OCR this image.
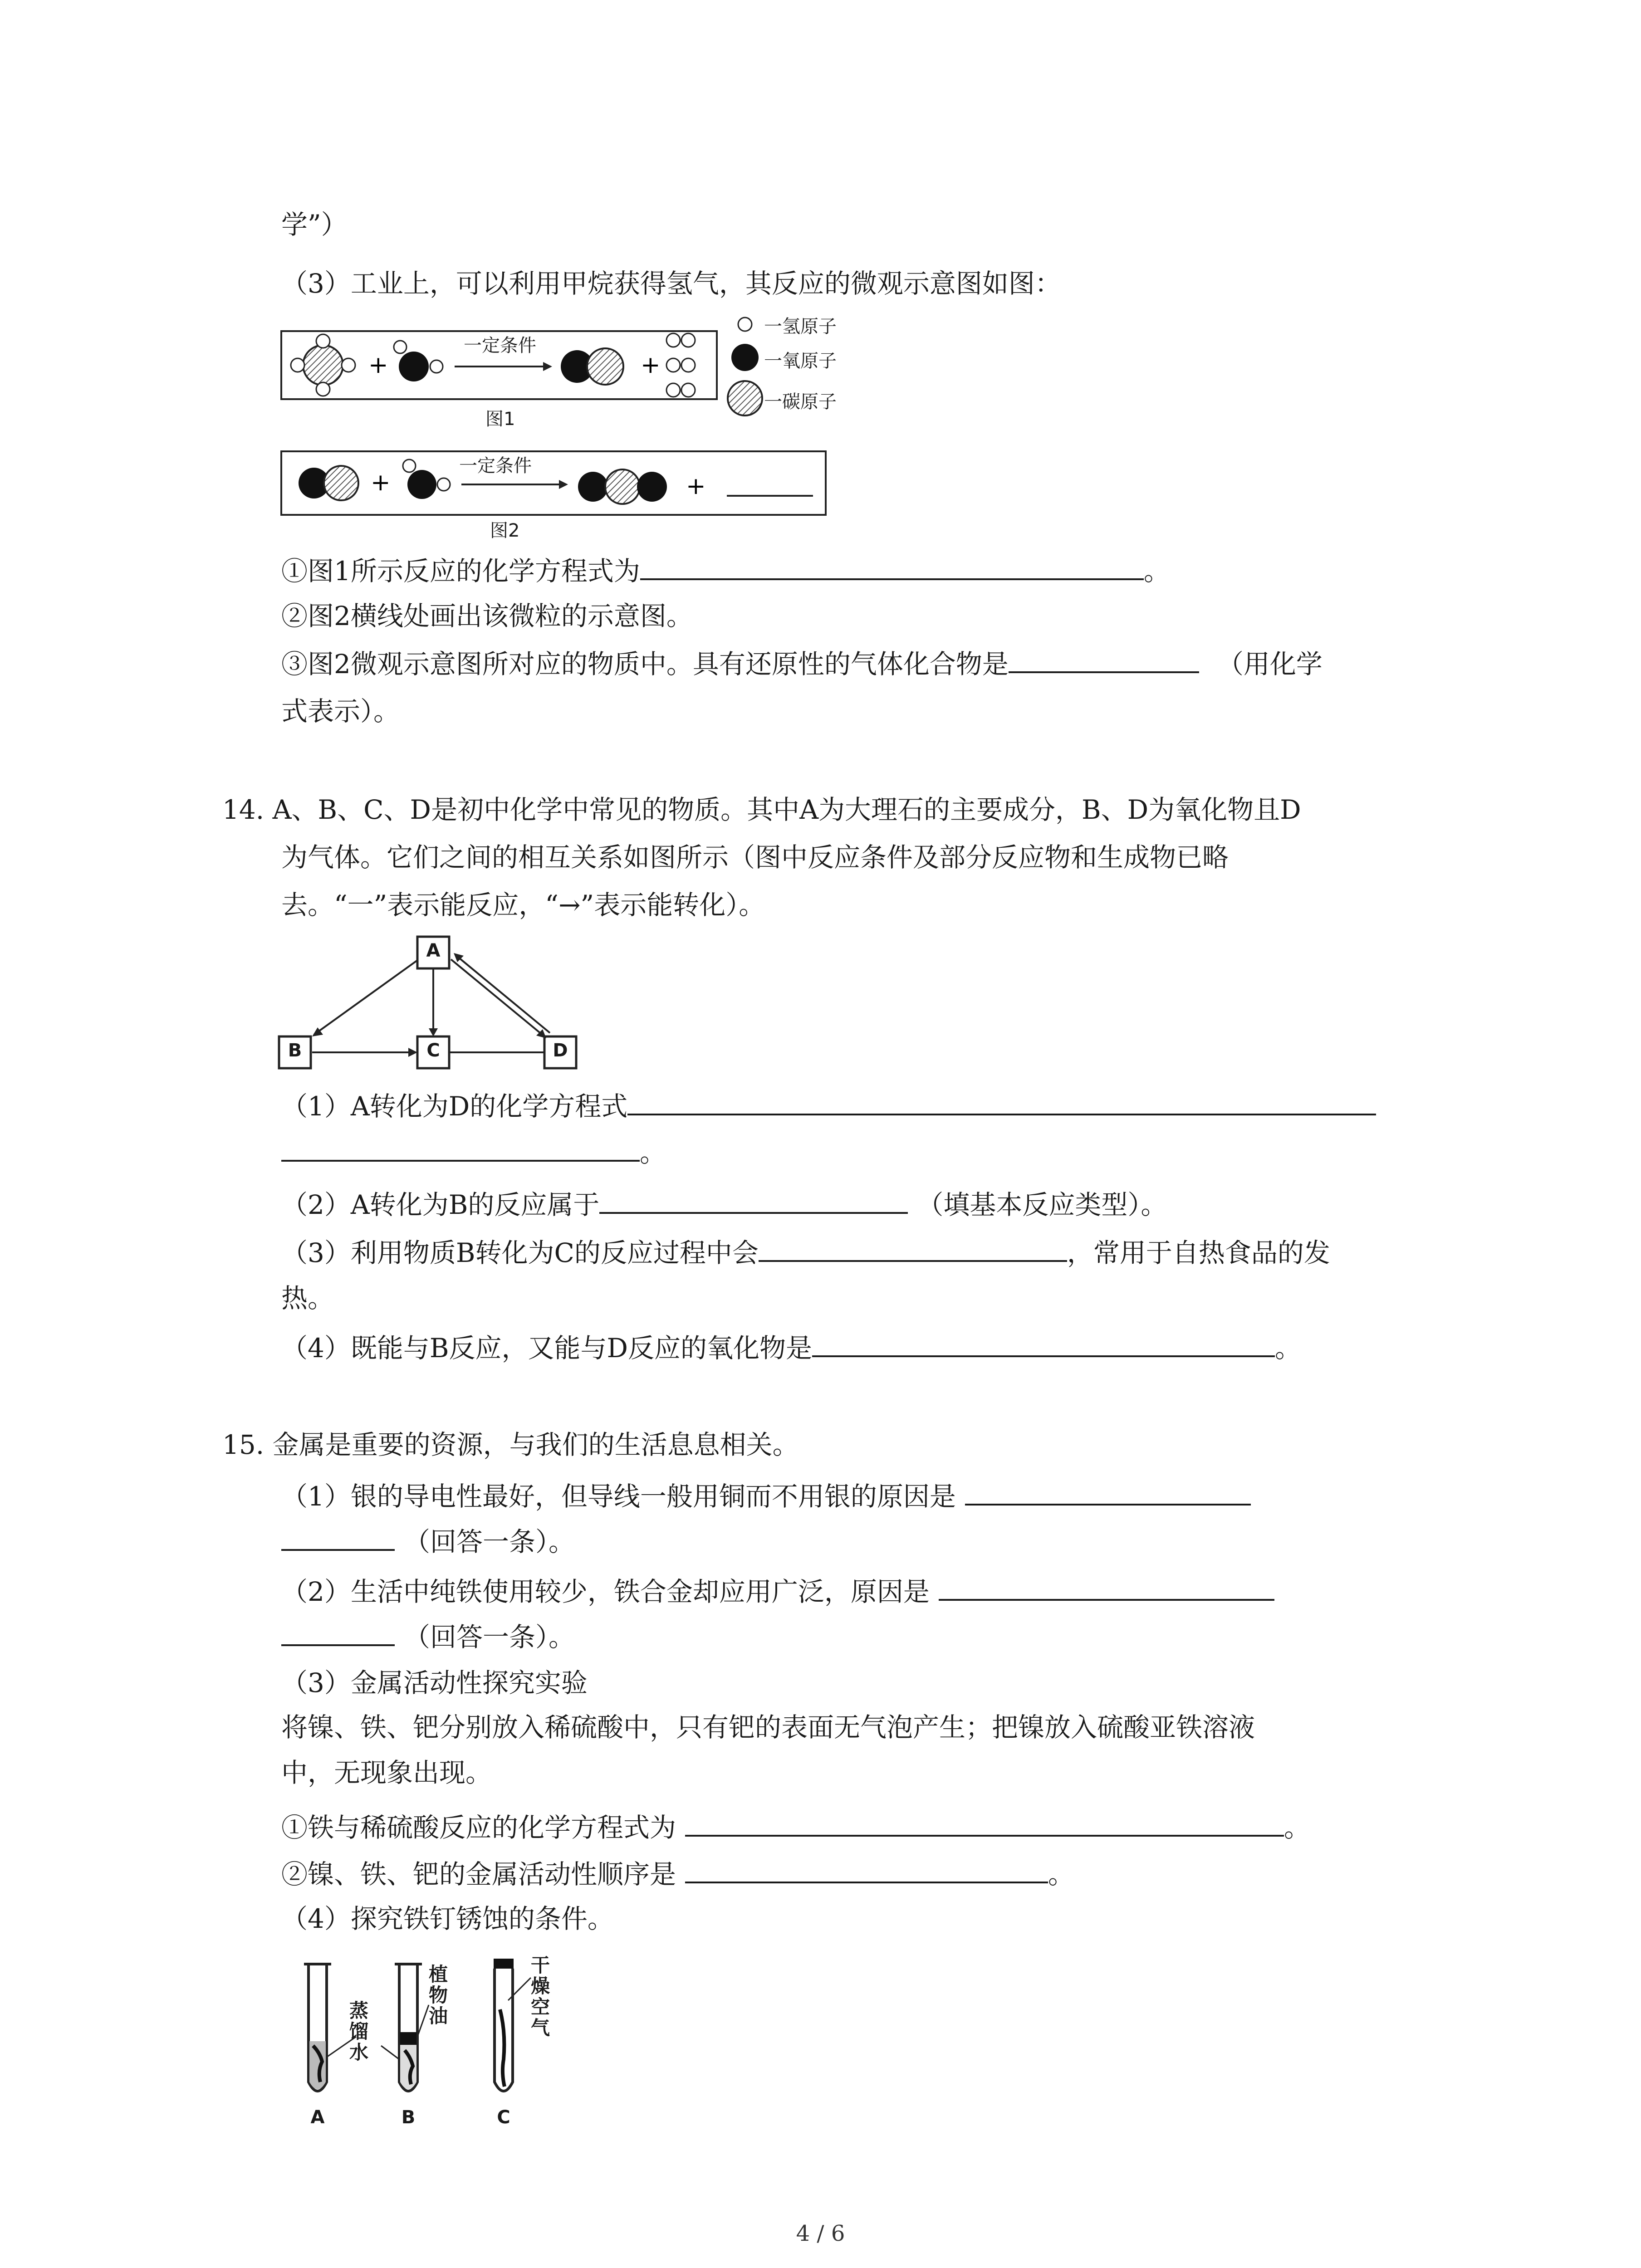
学”）
（3）工业上，可以利用甲烷获得氢气，其反应的微观示意图如图：
+	+
一定条件
一氢原子
一氧原子
一碳原子
图1
+	+
一定条件
图2
①图1所示反应的化学方程式为	。
②图2横线处画出该微粒的示意图。
③图2微观示意图所对应的物质中。具有还原性的气体化合物是	（用化学
式表示）。
14. A、B、C、D是初中化学中常见的物质。其中A为大理石的主要成分，B、D为氧化物且D
为气体。它们之间的相互关系如图所示（图中反应条件及部分反应物和生成物已略
去。“一”表示能反应，“→”表示能转化）。
A
B	C	D
（1）A转化为D的化学方程式
。
（2）A转化为B的反应属于	（填基本反应类型）。
（3）利用物质B转化为C的反应过程中会	，常用于自热食品的发
热。
（4）既能与B反应，又能与D反应的氧化物是	。
15. 金属是重要的资源，与我们的生活息息相关。
（1）银的导电性最好，但导线一般用铜而不用银的原因是
（回答一条）。
（2）生活中纯铁使用较少，铁合金却应用广泛，原因是
（回答一条）。
（3）金属活动性探究实验
将镍、铁、钯分别放入稀硫酸中，只有钯的表面无气泡产生；把镍放入硫酸亚铁溶液
中，无现象出现。
①铁与稀硫酸反应的化学方程式为	。
②镍、铁、钯的金属活动性顺序是	。
（4）探究铁钉锈蚀的条件。
蒸馏水
植物油
干燥空气
A	B	C
4 / 6
